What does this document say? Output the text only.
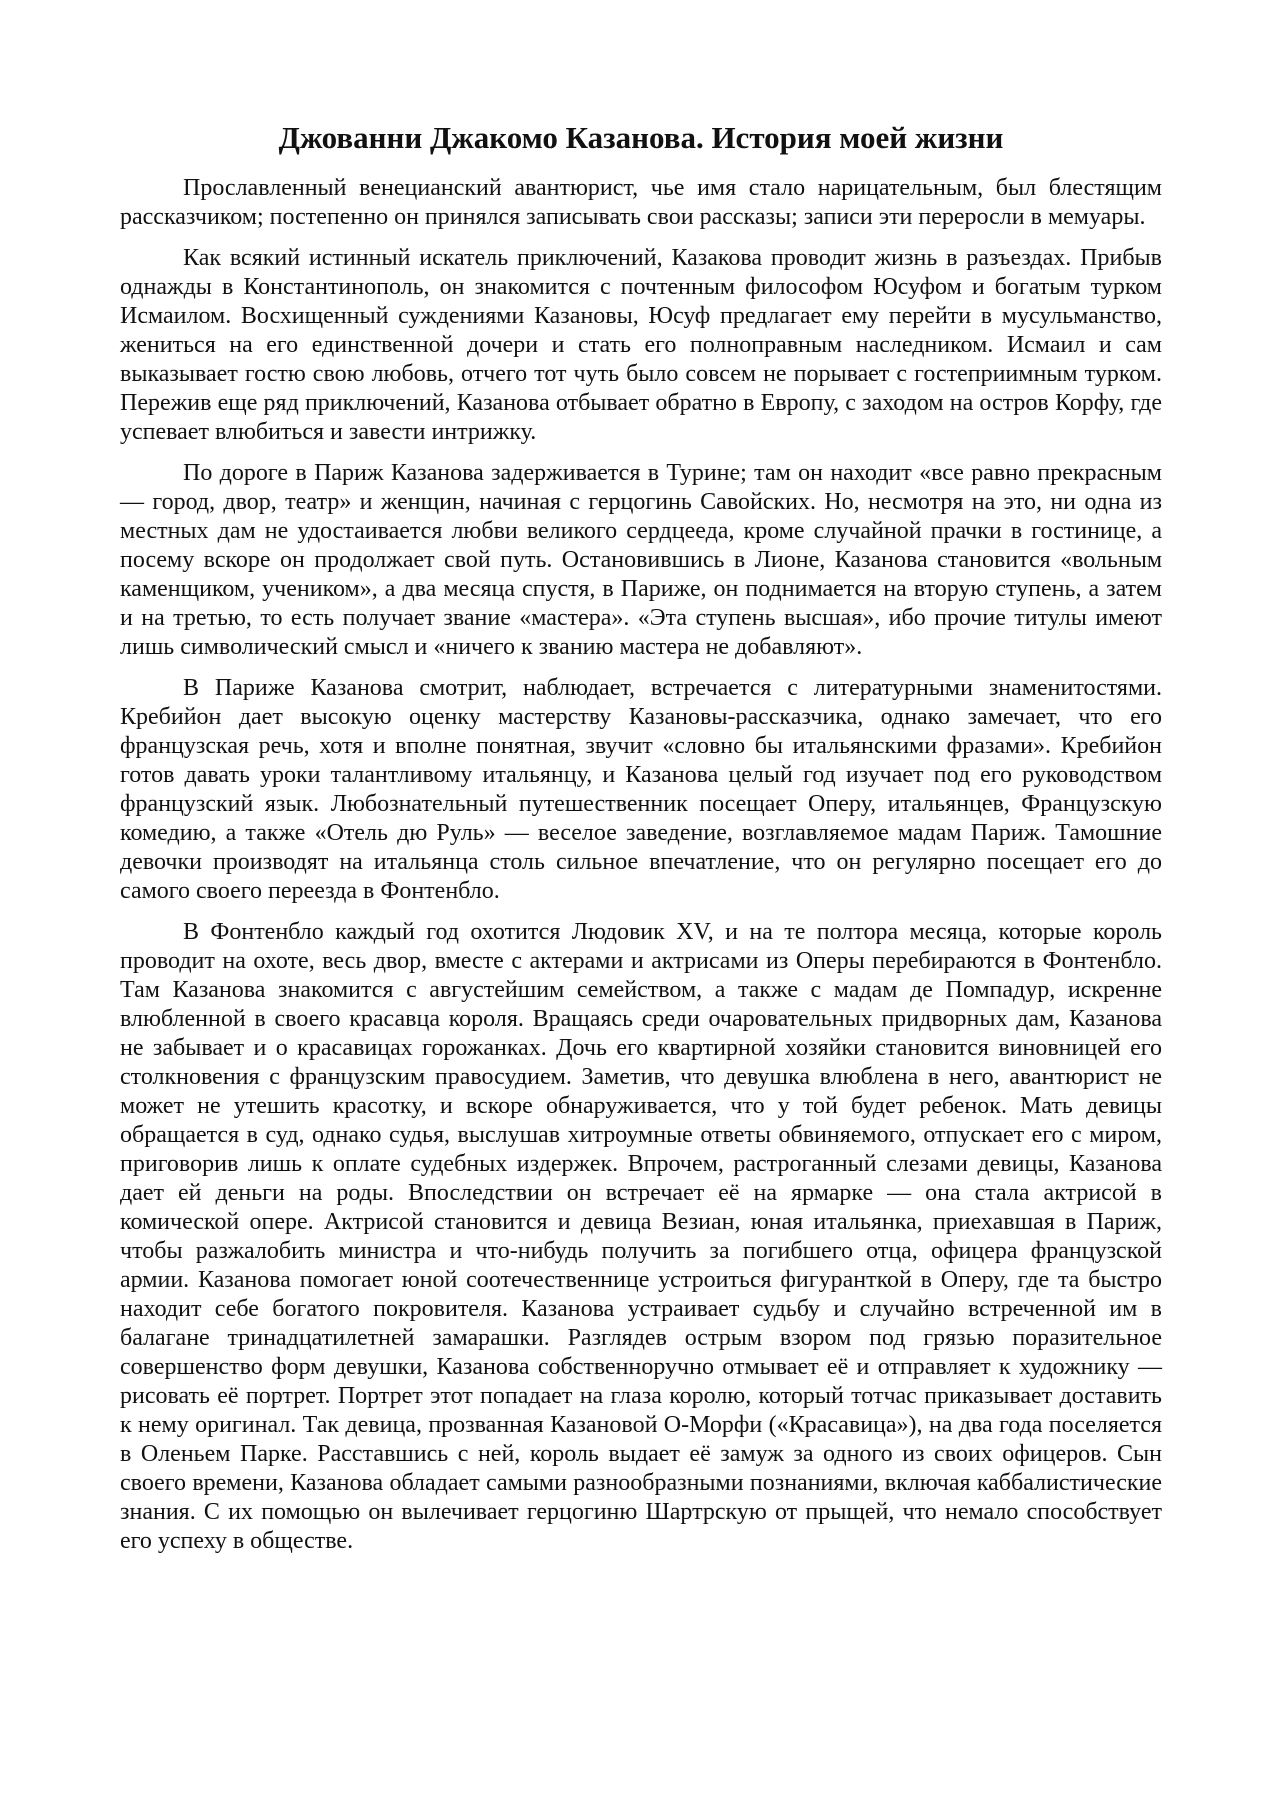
Джованни Джакомо Казанова. История моей жизни

Прославленный венецианский авантюрист, чье имя стало нарицательным, был блестящим рассказчиком; постепенно он принялся записывать свои рассказы; записи эти переросли в мемуары.

Как всякий истинный искатель приключений, Казакова проводит жизнь в разъездах. Прибыв однажды в Константинополь, он знакомится с почтенным философом Юсуфом и богатым турком Исмаилом. Восхищенный суждениями Казановы, Юсуф предлагает ему перейти в мусульманство, жениться на его единственной дочери и стать его полноправным наследником. Исмаил и сам выказывает гостю свою любовь, отчего тот чуть было совсем не порывает с гостеприимным турком. Пережив еще ряд приключений, Казанова отбывает обратно в Европу, с заходом на остров Корфу, где успевает влюбиться и завести интрижку.

По дороге в Париж Казанова задерживается в Турине; там он находит «все равно прекрасным — город, двор, театр» и женщин, начиная с герцогинь Савойских. Но, несмотря на это, ни одна из местных дам не удостаивается любви великого сердцееда, кроме случайной прачки в гостинице, а посему вскоре он продолжает свой путь. Остановившись в Лионе, Казанова становится «вольным каменщиком, учеником», а два месяца спустя, в Париже, он поднимается на вторую ступень, а затем и на третью, то есть получает звание «мастера». «Эта ступень высшая», ибо прочие титулы имеют лишь символический смысл и «ничего к званию мастера не добавляют».

В Париже Казанова смотрит, наблюдает, встречается с литературными знаменитостями. Кребийон дает высокую оценку мастерству Казановы-рассказчика, однако замечает, что его французская речь, хотя и вполне понятная, звучит «словно бы итальянскими фразами». Кребийон готов давать уроки талантливому итальянцу, и Казанова целый год изучает под его руководством французский язык. Любознательный путешественник посещает Оперу, итальянцев, Французскую комедию, а также «Отель дю Руль» — веселое заведение, возглавляемое мадам Париж. Тамошние девочки производят на итальянца столь сильное впечатление, что он регулярно посещает его до самого своего переезда в Фонтенбло.

В Фонтенбло каждый год охотится Людовик XV, и на те полтора месяца, которые король проводит на охоте, весь двор, вместе с актерами и актрисами из Оперы перебираются в Фонтенбло. Там Казанова знакомится с августейшим семейством, а также с мадам де Помпадур, искренне влюбленной в своего красавца короля. Вращаясь среди очаровательных придворных дам, Казанова не забывает и о красавицах горожанках. Дочь его квартирной хозяйки становится виновницей его столкновения с французским правосудием. Заметив, что девушка влюблена в него, авантюрист не может не утешить красотку, и вскоре обнаруживается, что у той будет ребенок. Мать девицы обращается в суд, однако судья, выслушав хитроумные ответы обвиняемого, отпускает его с миром, приговорив лишь к оплате судебных издержек. Впрочем, растроганный слезами девицы, Казанова дает ей деньги на роды. Впоследствии он встречает её на ярмарке — она стала актрисой в комической опере. Актрисой становится и девица Везиан, юная итальянка, приехавшая в Париж, чтобы разжалобить министра и что-нибудь получить за погибшего отца, офицера французской армии. Казанова помогает юной соотечественнице устроиться фигуранткой в Оперу, где та быстро находит себе богатого покровителя. Казанова устраивает судьбу и случайно встреченной им в балагане тринадцатилетней замарашки. Разглядев острым взором под грязью поразительное совершенство форм девушки, Казанова собственноручно отмывает её и отправляет к художнику — рисовать её портрет. Портрет этот попадает на глаза королю, который тотчас приказывает доставить к нему оригинал. Так девица, прозванная Казановой О-Морфи («Красавица»), на два года поселяется в Оленьем Парке. Расставшись с ней, король выдает её замуж за одного из своих офицеров. Сын своего времени, Казанова обладает самыми разнообразными познаниями, включая каббалистические знания. С их помощью он вылечивает герцогиню Шартрскую от прыщей, что немало способствует его успеху в обществе.
